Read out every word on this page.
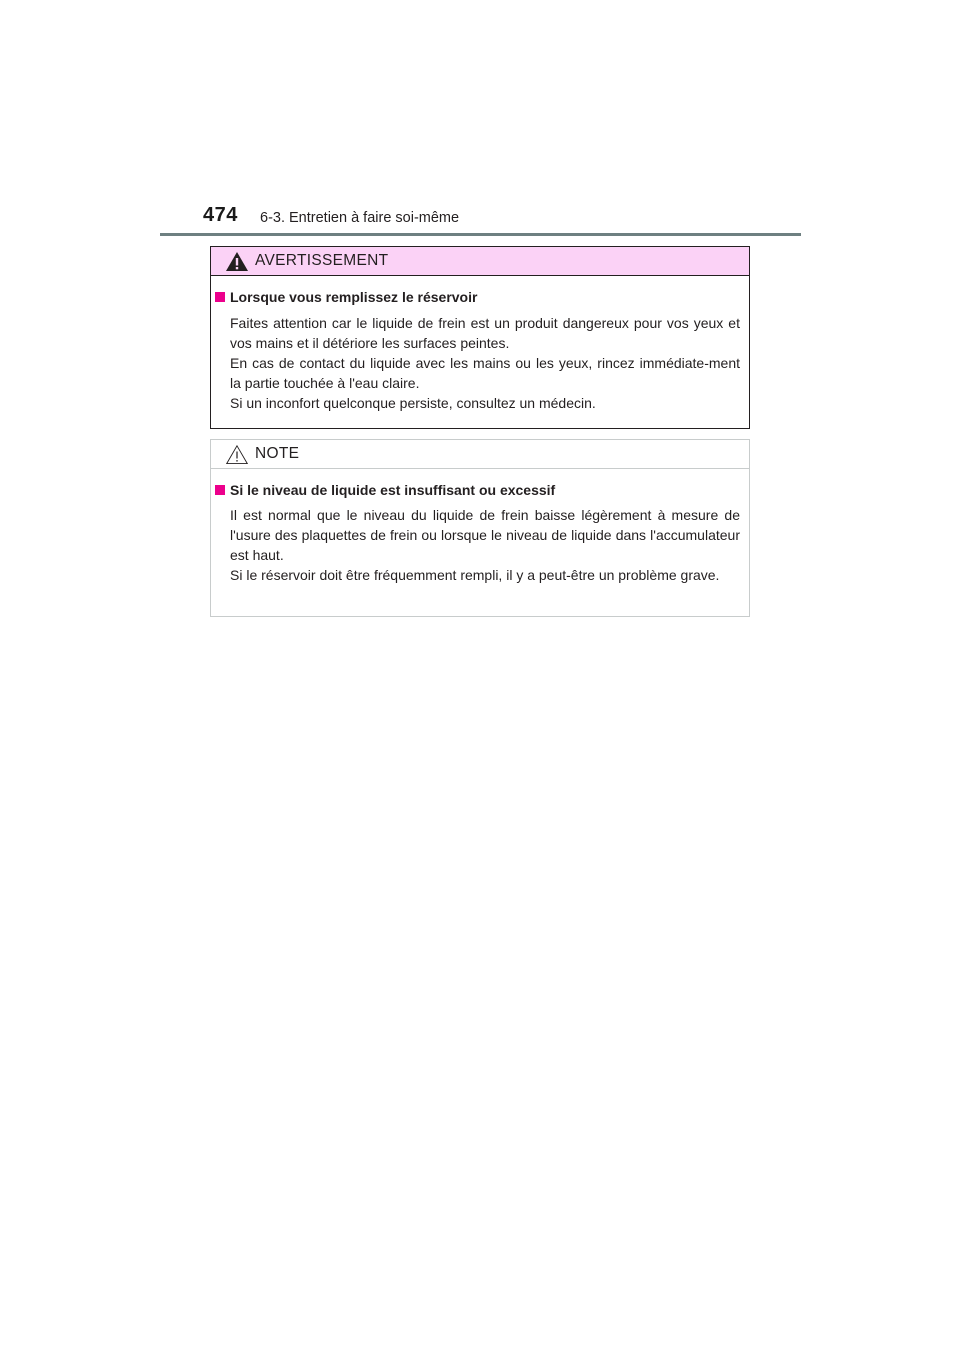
474 6-3. Entretien à faire soi-même
AVERTISSEMENT
Lorsque vous remplissez le réservoir
Faites attention car le liquide de frein est un produit dangereux pour vos yeux et vos mains et il détériore les surfaces peintes.
En cas de contact du liquide avec les mains ou les yeux, rincez immédiate-ment la partie touchée à l'eau claire.
Si un inconfort quelconque persiste, consultez un médecin.
NOTE
Si le niveau de liquide est insuffisant ou excessif
Il est normal que le niveau du liquide de frein baisse légèrement à mesure de l'usure des plaquettes de frein ou lorsque le niveau de liquide dans l'accumulateur est haut.
Si le réservoir doit être fréquemment rempli, il y a peut-être un problème grave.
